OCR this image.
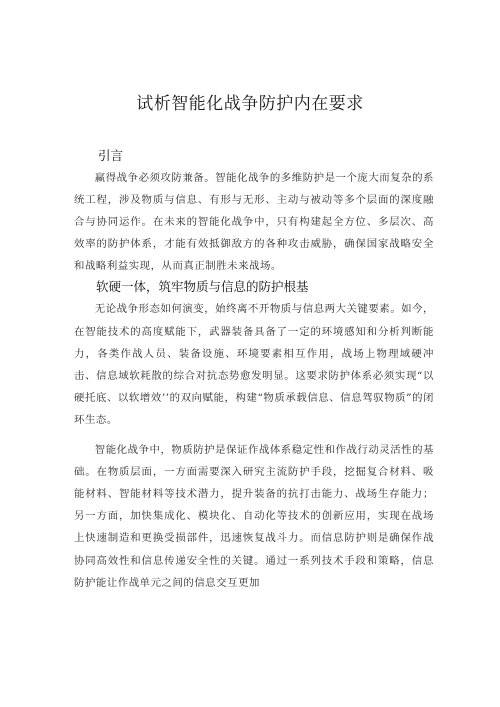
试析智能化战争防护内在要求
引言

赢得战争必须攻防兼备。智能化战争的多维防护是一个庞大而复杂的系统工程，涉及物质与信息、有形与无形、主动与被动等多个层面的深度融合与协同运作。在未来的智能化战争中，只有构建起全方位、多层次、高效率的防护体系，才能有效抵御敌方的各种攻击威胁，确保国家战略安全和战略利益实现，从而真正制胜未来战场。

软硬一体，筑牢物质与信息的防护根基

无论战争形态如何演变，始终离不开物质与信息两大关键要素。如今，在智能技术的高度赋能下，武器装备具备了一定的环境感知和分析判断能力，各类作战人员、装备设施、环境要素相互作用，战场上物理域硬冲击、信息域软耗散的综合对抗态势愈发明显。这要求防护体系必须实现“以硬托底、以软增效’’的双向赋能，构建“物质承载信息、信息驾驭物质”的闭环生态。

智能化战争中，物质防护是保证作战体系稳定性和作战行动灵活性的基础。在物质层面，一方面需要深入研究主流防护手段，挖掘复合材料、吸能材料、智能材料等技术潜力，提升装备的抗打击能力、战场生存能力；另一方面，加快集成化、模块化、自动化等技术的创新应用，实现在战场上快速制造和更换受损部件，迅速恢复战斗力。而信息防护则是确保作战协同高效性和信息传递安全性的关键。通过一系列技术手段和策略，信息防护能让作战单元之间的信息交互更加
